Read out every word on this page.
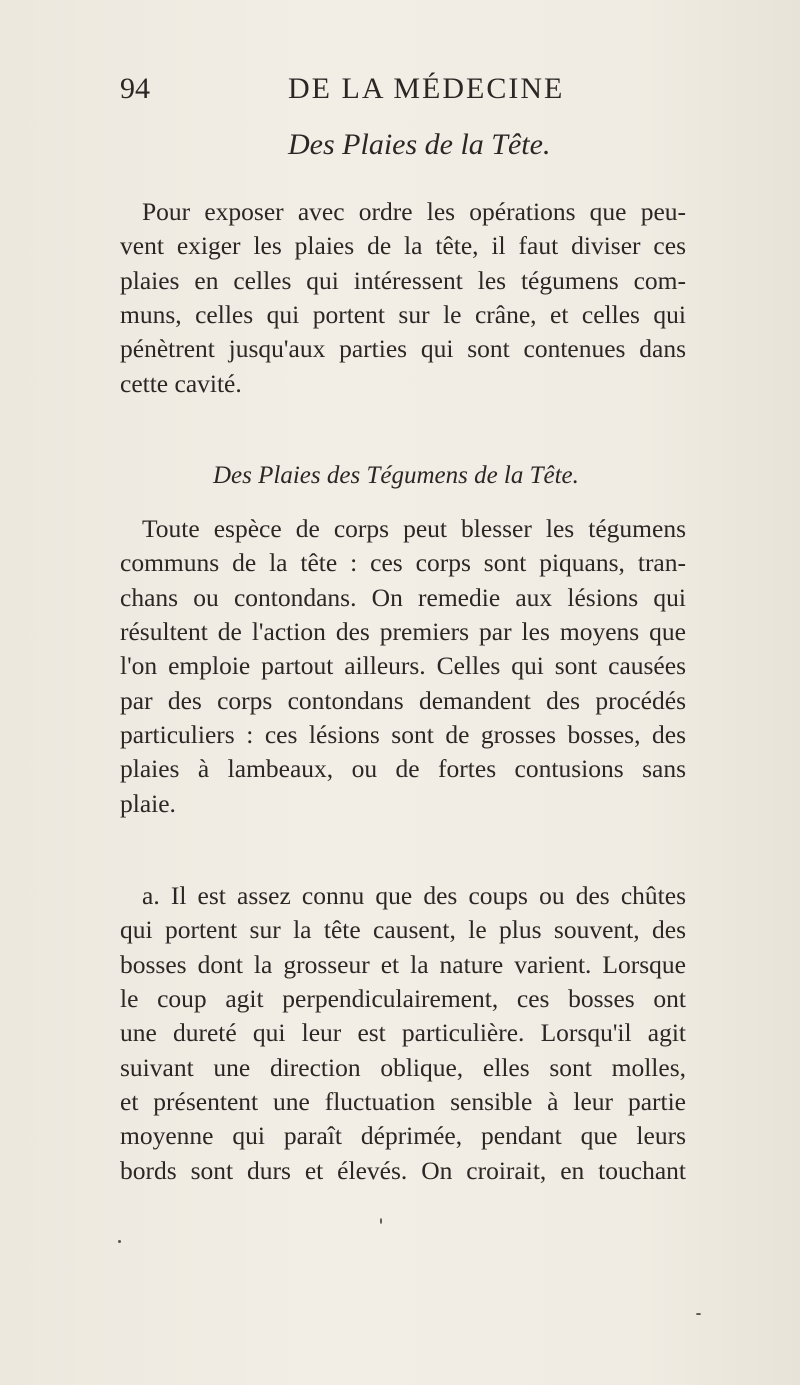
94	DE LA MÉDECINE
Des Plaies de la Tête.
Pour exposer avec ordre les opérations que peu-
vent exiger les plaies de la tête, il faut diviser ces
plaies en celles qui intéressent les tégumens com-
muns, celles qui portent sur le crâne, et celles qui
pénètrent jusqu'aux parties qui sont contenues dans
cette cavité.
Des Plaies des Tégumens de la Tête.
Toute espèce de corps peut blesser les tégumens
communs de la tête : ces corps sont piquans, tran-
chans ou contondans. On remedie aux lésions qui
résultent de l'action des premiers par les moyens que
l'on emploie partout ailleurs. Celles qui sont causées
par des corps contondans demandent des procédés
particuliers : ces lésions sont de grosses bosses, des
plaies à lambeaux, ou de fortes contusions sans
plaie.
a. Il est assez connu que des coups ou des chûtes
qui portent sur la tête causent, le plus souvent, des
bosses dont la grosseur et la nature varient. Lorsque
le coup agit perpendiculairement, ces bosses ont
une dureté qui leur est particulière. Lorsqu'il agit
suivant une direction oblique, elles sont molles,
et présentent une fluctuation sensible à leur partie
moyenne qui paraît déprimée, pendant que leurs
bords sont durs et élevés. On croirait, en touchant
